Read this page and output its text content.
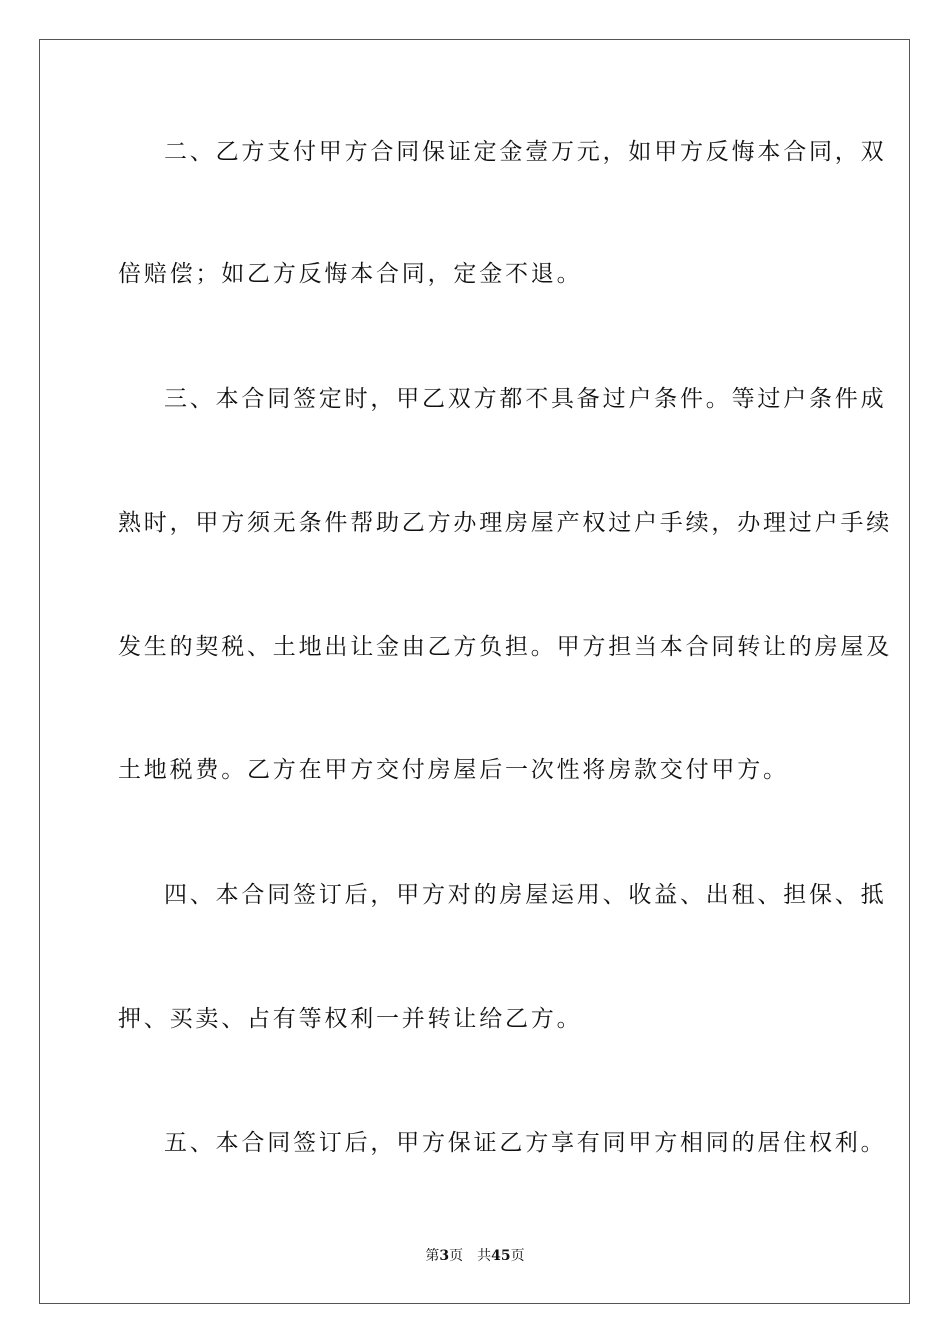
二、乙方支付甲方合同保证定金壹万元，如甲方反悔本合同，双
倍赔偿；如乙方反悔本合同，定金不退。
三、本合同签定时，甲乙双方都不具备过户条件。等过户条件成
熟时，甲方须无条件帮助乙方办理房屋产权过户手续，办理过户手续
发生的契税、土地出让金由乙方负担。甲方担当本合同转让的房屋及
土地税费。乙方在甲方交付房屋后一次性将房款交付甲方。
四、本合同签订后，甲方对的房屋运用、收益、出租、担保、抵
押、买卖、占有等权利一并转让给乙方。
五、本合同签订后，甲方保证乙方享有同甲方相同的居住权利。
第3页 共45页
